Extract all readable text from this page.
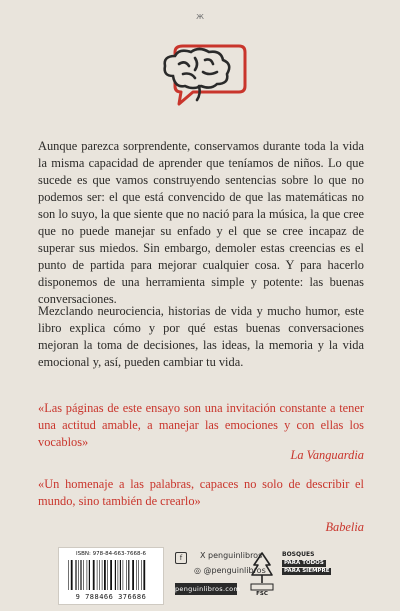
ж

Aunque parezca sorprendente, conservamos durante toda la vida la misma capacidad de aprender que teníamos de niños. Lo que sucede es que vamos construyendo sentencias sobre lo que no podemos ser: el que está convencido de que las matemáticas no son lo suyo, la que siente que no nació para la música, la que cree que no puede manejar su enfado y el que se cree incapaz de superar sus miedos. Sin embargo, demoler estas creencias es el punto de partida para mejorar cualquier cosa. Y para hacerlo disponemos de una herramienta simple y potente: las buenas conversaciones.

Mezclando neurociencia, historias de vida y mucho humor, este libro explica cómo y por qué estas buenas conversaciones mejoran la toma de decisiones, las ideas, la memoria y la vida emocional y, así, pueden cambiar tu vida.

«Las páginas de este ensayo son una invitación constante a tener una actitud amable, a manejar las emociones y con ellas los vocablos»

La Vanguardia

«Un homenaje a las palabras, capaces no solo de describir el mundo, sino también de crearlo»

Babelia
ISBN: 978-84-663-7668-6
9 788466 376686
f	X penguinlibros
◎ @penguinlibros
penguinlibros.com
FSC
BOSQUES
PARA TODOS
PARA SIEMPRE
